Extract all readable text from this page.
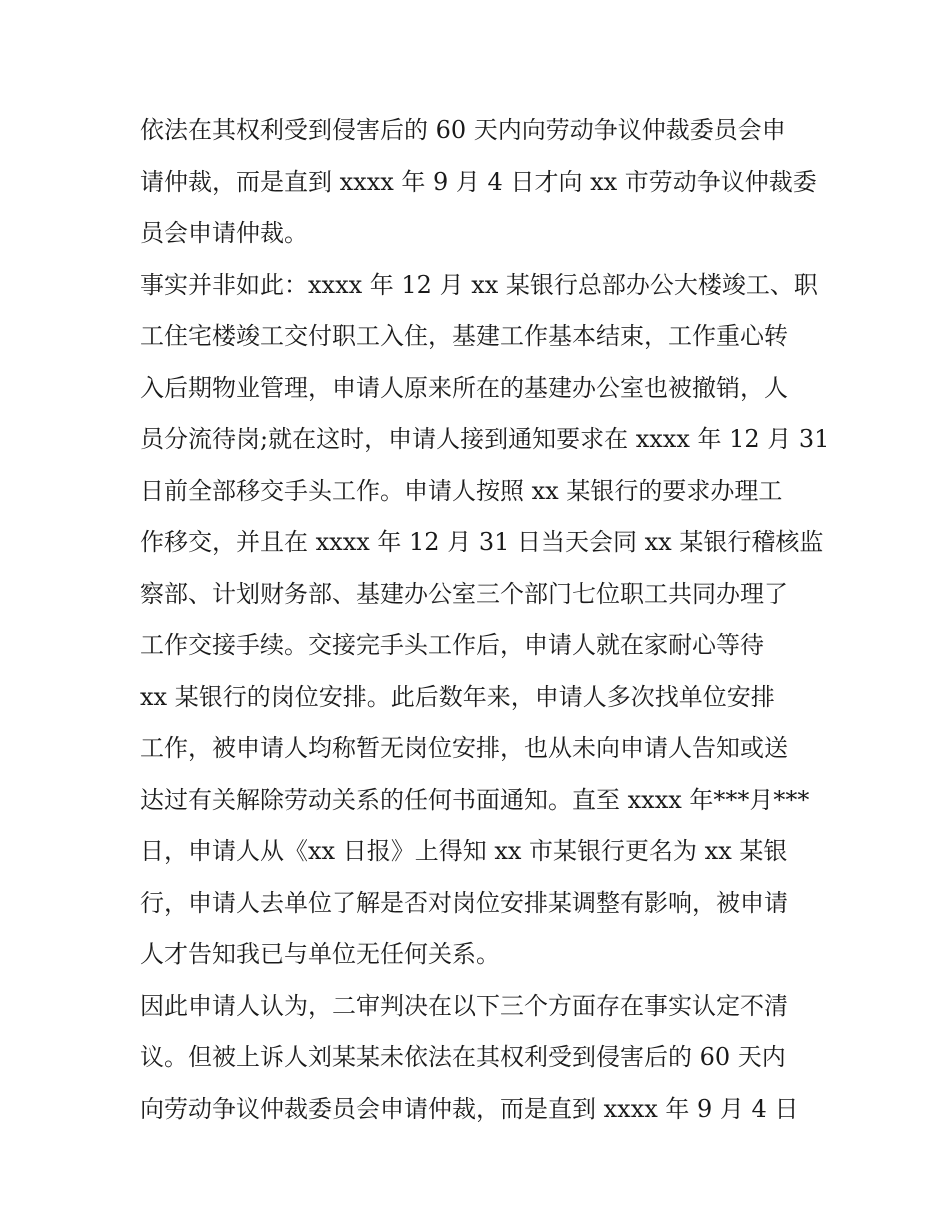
依法在其权利受到侵害后的 60 天内向劳动争议仲裁委员会申
请仲裁，而是直到 xxxx 年 9 月 4 日才向 xx 市劳动争议仲裁委
员会申请仲裁。
事实并非如此：xxxx 年 12 月 xx 某银行总部办公大楼竣工、职
工住宅楼竣工交付职工入住，基建工作基本结束，工作重心转
入后期物业管理，申请人原来所在的基建办公室也被撤销，人
员分流待岗;就在这时，申请人接到通知要求在 xxxx 年 12 月 31
日前全部移交手头工作。申请人按照 xx 某银行的要求办理工
作移交，并且在 xxxx 年 12 月 31 日当天会同 xx 某银行稽核监
察部、计划财务部、基建办公室三个部门七位职工共同办理了
工作交接手续。交接完手头工作后，申请人就在家耐心等待
xx 某银行的岗位安排。此后数年来，申请人多次找单位安排
工作，被申请人均称暂无岗位安排，也从未向申请人告知或送
达过有关解除劳动关系的任何书面通知。直至 xxxx 年***月***
日，申请人从《xx 日报》上得知 xx 市某银行更名为 xx 某银
行，申请人去单位了解是否对岗位安排某调整有影响，被申请
人才告知我已与单位无任何关系。
因此申请人认为，二审判决在以下三个方面存在事实认定不清
议。但被上诉人刘某某未依法在其权利受到侵害后的 60 天内
向劳动争议仲裁委员会申请仲裁，而是直到 xxxx 年 9 月 4 日
